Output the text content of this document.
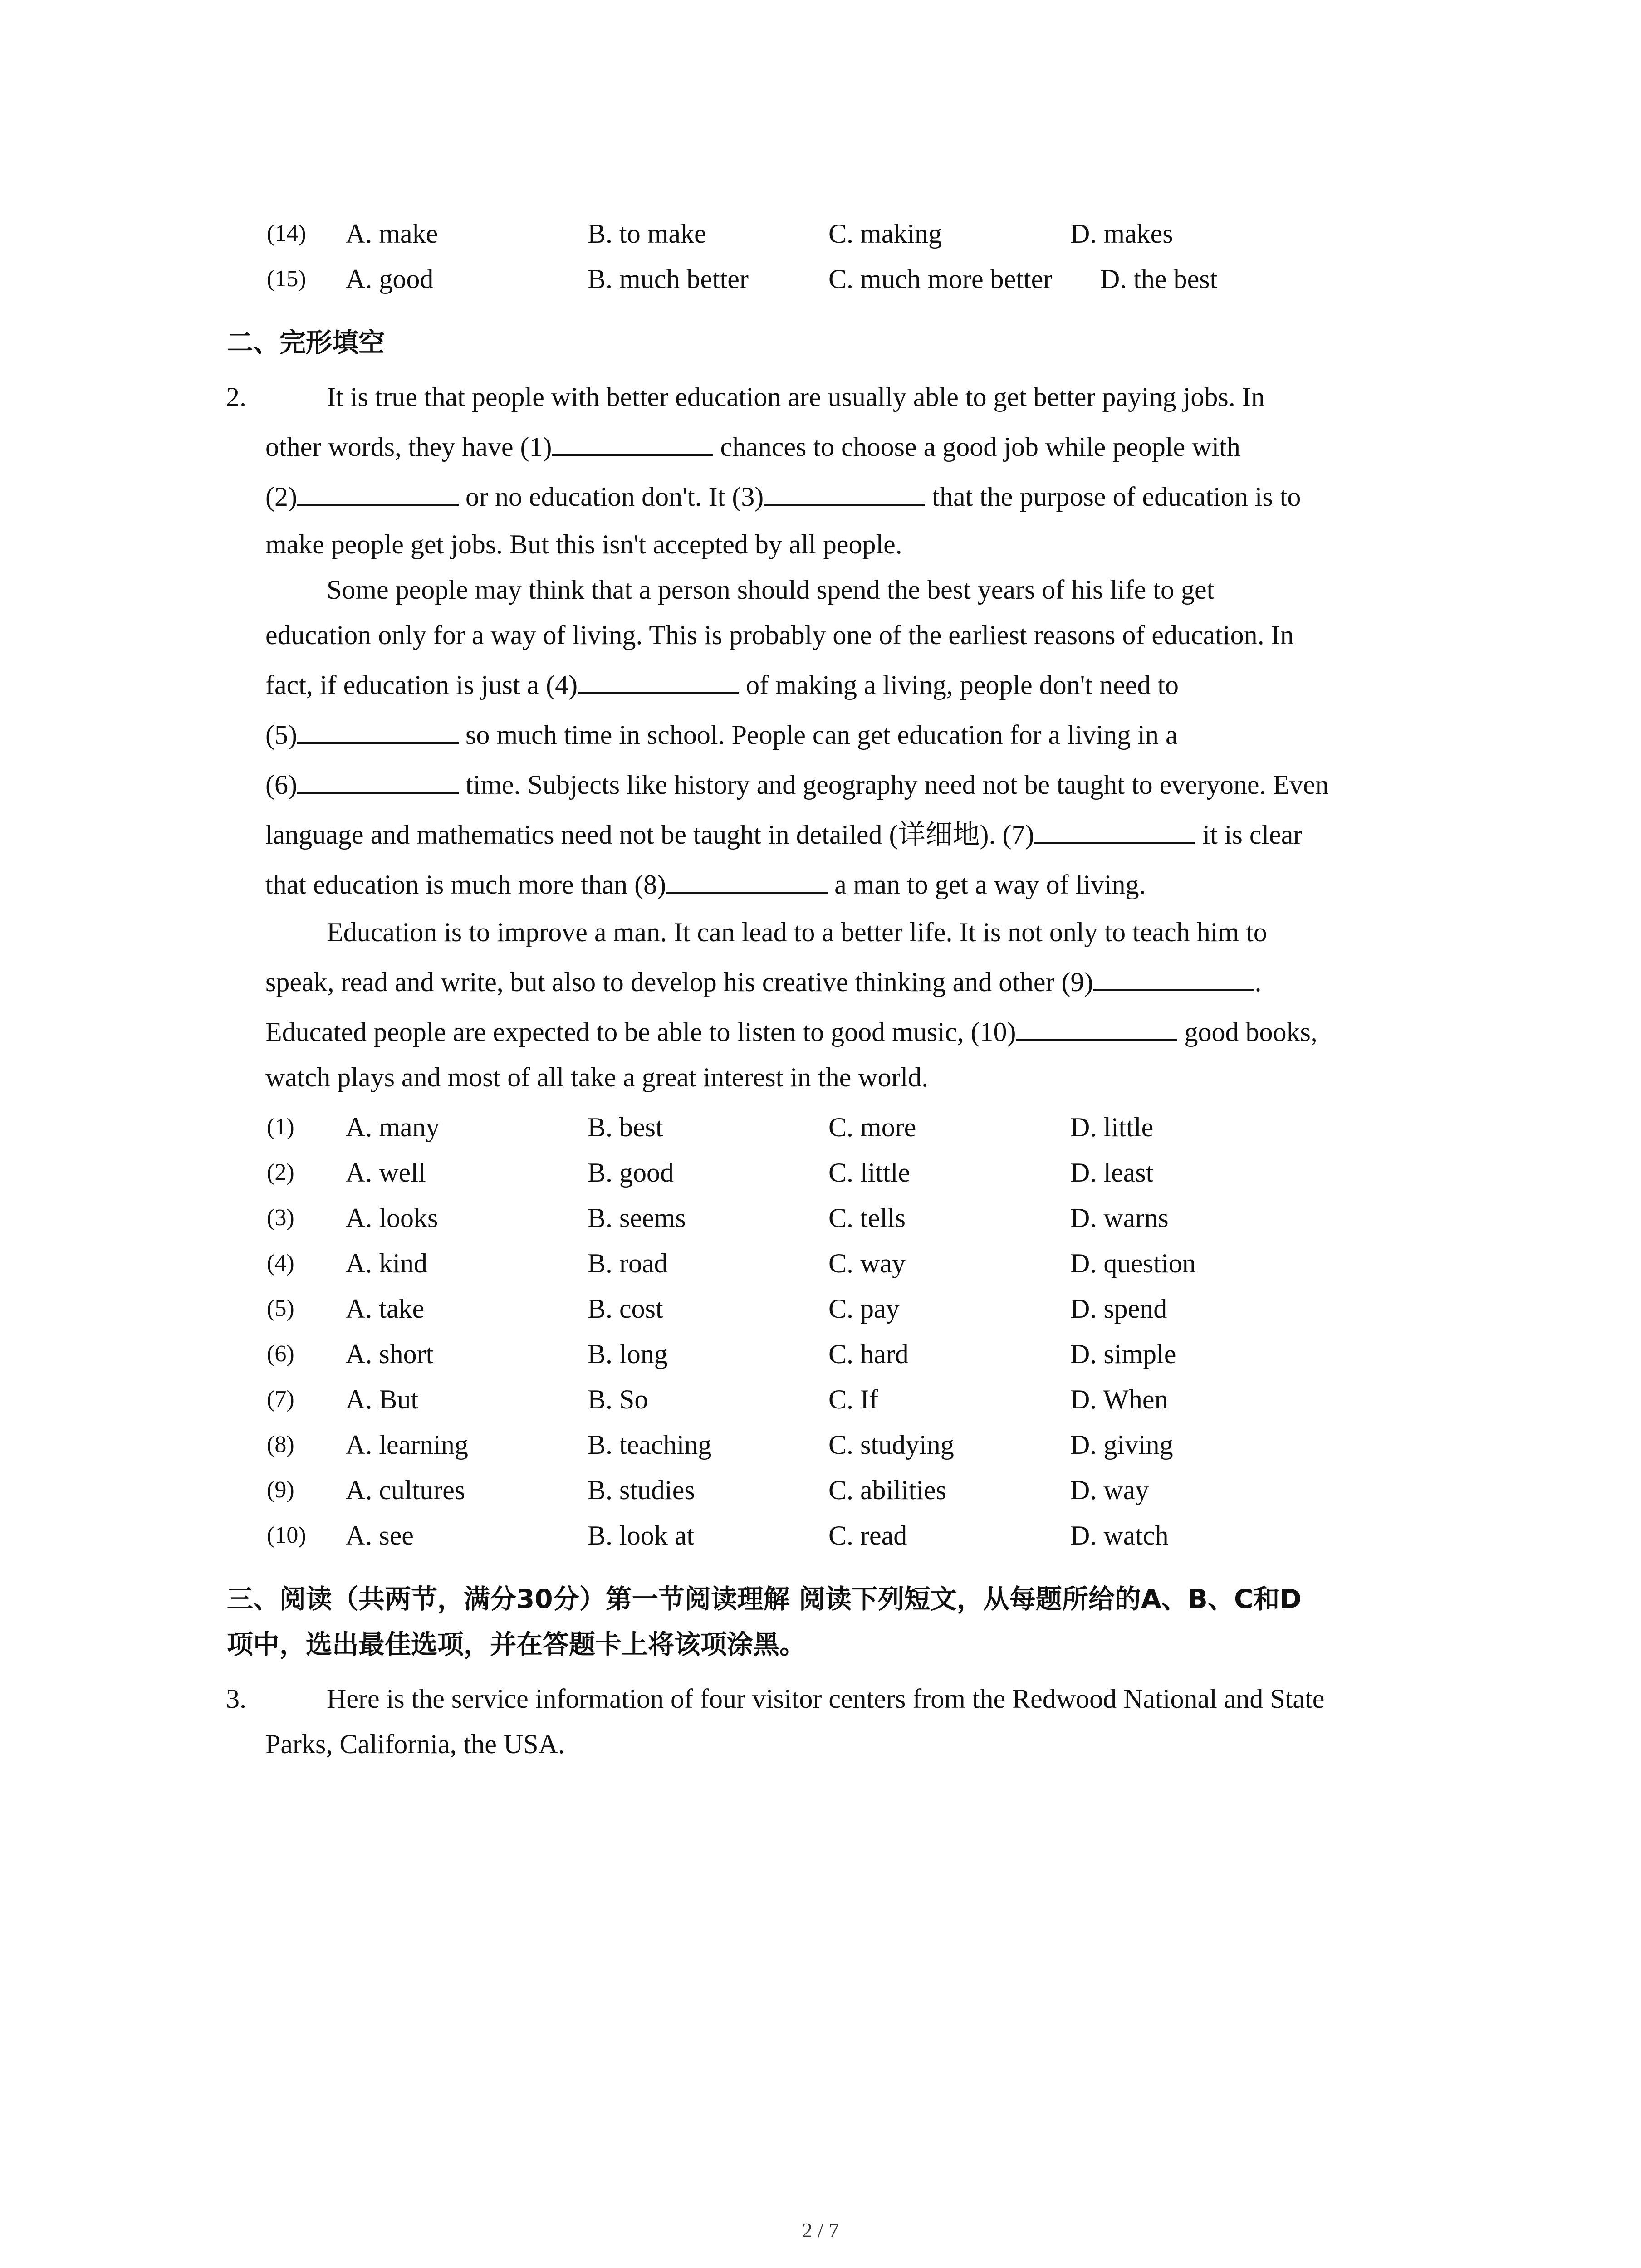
(14) A. make	B. to make	C. making	D. makes
(15) A. good	B. much better	C. much more better D. the best
二、完形填空
2.	It is true that people with better education are usually able to get better paying jobs. In
other words, they have (1)	chances to choose a good job while people with
(2)	or no education don't. It (3)	that the purpose of education is to
make people get jobs. But this isn't accepted by all people.
Some people may think that a person should spend the best years of his life to get
education only for a way of living. This is probably one of the earliest reasons of education. In
fact, if education is just a (4)	of making a living, people don't need to
(5)	so much time in school. People can get education for a living in a
(6)	time. Subjects like history and geography need not be taught to everyone. Even
language and mathematics need not be taught in detailed (详细地). (7)	it is clear
that education is much more than (8)	a man to get a way of living.
Education is to improve a man. It can lead to a better life. It is not only to teach him to
speak, read and write, but also to develop his creative thinking and other (9)	.
Educated people are expected to be able to listen to good music, (10)	good books,
watch plays and most of all take a great interest in the world.
(1) A. many	B. best	C. more	D. little
(2) A. well	B. good	C. little	D. least
(3) A. looks	B. seems	C. tells	D. warns
(4) A. kind	B. road	C. way	D. question
(5) A. take	B. cost	C. pay	D. spend
(6) A. short	B. long	C. hard	D. simple
(7) A. But	B. So	C. If	D. When
(8) A. learning	B. teaching	C. studying	D. giving
(9) A. cultures	B. studies	C. abilities	D. way
(10) A. see	B. look at	C. read	D. watch
三、阅读（共两节，满分30分）第一节阅读理解 阅读下列短文，从每题所给的A、B、C和D
项中，选出最佳选项，并在答题卡上将该项涂黑。
3.	Here is the service information of four visitor centers from the Redwood National and State
Parks, California, the USA.
2 / 7
